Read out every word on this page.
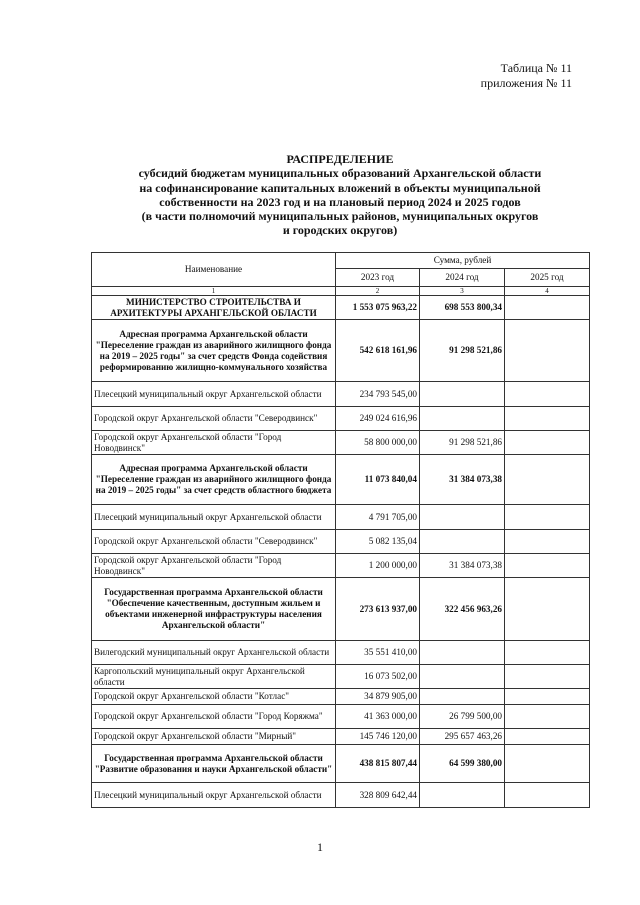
Таблица № 11
приложения № 11
РАСПРЕДЕЛЕНИЕ
субсидий бюджетам муниципальных образований Архангельской области
на софинансирование капитальных вложений в объекты муниципальной
собственности на 2023 год и на плановый период 2024 и 2025 годов
(в части полномочий муниципальных районов, муниципальных округов
и городских округов)
Наименование	Сумма, рублей		
	2023 год	2024 год	2025 год
1	2	3	4
МИНИСТЕРСТВО СТРОИТЕЛЬСТВА И АРХИТЕКТУРЫ АРХАНГЕЛЬСКОЙ ОБЛАСТИ	1 553 075 963,22	698 553 800,34	
Адресная программа Архангельской области "Переселение граждан из аварийного жилищного фонда на 2019 – 2025 годы" за счет средств Фонда содействия реформированию жилищно-коммунального хозяйства	542 618 161,96	91 298 521,86	
Плесецкий муниципальный округ Архангельской области	234 793 545,00		
Городской округ Архангельской области "Северодвинск"	249 024 616,96		
Городской округ Архангельской области "Город Новодвинск"	58 800 000,00	91 298 521,86	
Адресная программа Архангельской области "Переселение граждан из аварийного жилищного фонда на 2019 – 2025 годы" за счет средств областного бюджета	11 073 840,04	31 384 073,38	
Плесецкий муниципальный округ Архангельской области	4 791 705,00		
Городской округ Архангельской области "Северодвинск"	5 082 135,04		
Городской округ Архангельской области "Город Новодвинск"	1 200 000,00	31 384 073,38	
Государственная программа Архангельской области "Обеспечение качественным, доступным жильем и объектами инженерной инфраструктуры населения Архангельской области"	273 613 937,00	322 456 963,26	
Вилегодский муниципальный округ Архангельской области	35 551 410,00		
Каргопольский муниципальный округ Архангельской области	16 073 502,00		
Городской округ Архангельской области "Котлас"	34 879 905,00		
Городской округ Архангельской области "Город Коряжма"	41 363 000,00	26 799 500,00	
Городской округ Архангельской области "Мирный"	145 746 120,00	295 657 463,26	
Государственная программа Архангельской области "Развитие образования и науки Архангельской области"	438 815 807,44	64 599 380,00	
Плесецкий муниципальный округ Архангельской области	328 809 642,44		
1
